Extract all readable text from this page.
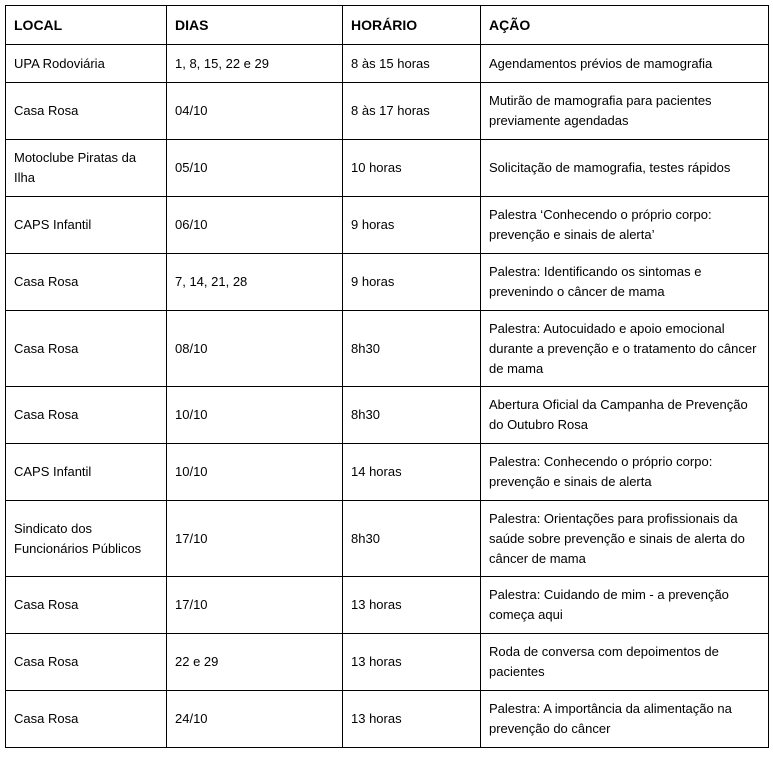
LOCAL	DIAS	HORÁRIO	AÇÃO
UPA Rodoviária	1, 8, 15, 22 e 29	8 às 15 horas	Agendamentos prévios de mamografia
Casa Rosa	04/10	8 às 17 horas	Mutirão de mamografia para pacientes previamente agendadas
Motoclube Piratas da Ilha	05/10	10 horas	Solicitação de mamografia, testes rápidos
CAPS Infantil	06/10	9 horas	Palestra ‘Conhecendo o próprio corpo: prevenção e sinais de alerta’
Casa Rosa	7, 14, 21, 28	9 horas	Palestra: Identificando os sintomas e prevenindo o câncer de mama
Casa Rosa	08/10	8h30	Palestra: Autocuidado e apoio emocional durante a prevenção e o tratamento do câncer de mama
Casa Rosa	10/10	8h30	Abertura Oficial da Campanha de Prevenção do Outubro Rosa
CAPS Infantil	10/10	14 horas	Palestra: Conhecendo o próprio corpo: prevenção e sinais de alerta
Sindicato dos Funcionários Públicos	17/10	8h30	Palestra: Orientações para profissionais da saúde sobre prevenção e sinais de alerta do câncer de mama
Casa Rosa	17/10	13 horas	Palestra: Cuidando de mim - a prevenção começa aqui
Casa Rosa	22 e 29	13 horas	Roda de conversa com depoimentos de pacientes
Casa Rosa	24/10	13 horas	Palestra: A importância da alimentação na prevenção do câncer
